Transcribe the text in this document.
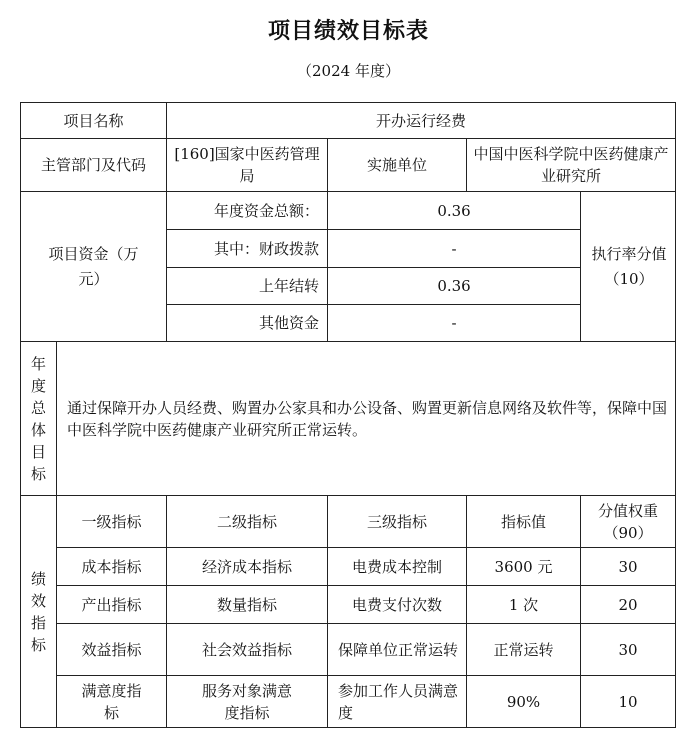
项目绩效目标表
（2024 年度）
项目名称		开办运行经费			
主管部门及代码		[160]国家中医药管理局	实施单位	中国中医科学院中医药健康产业研究所	

项目资金（万元）		年度资金总额：	0.36		执行率分值（10）

		其中：财政拨款	-		
		上年结转	0.36		
		其他资金	-		
年度总体目标	通过保障开办人员经费、购置办公家具和办公设备、购置更新信息网络及软件等，保障中国中医科学院中医药健康产业研究所正常运转。				
绩效指标	一级指标	二级指标	三级指标	指标值	分值权重（90）

	成本指标	经济成本指标	电费成本控制	3600 元	30
	产出指标	数量指标	电费支付次数	1 次	20
	效益指标	社会效益指标	保障单位正常运转	正常运转	30

	满意度指标	服务对象满意度指标	参加工作人员满意度	90%	10
